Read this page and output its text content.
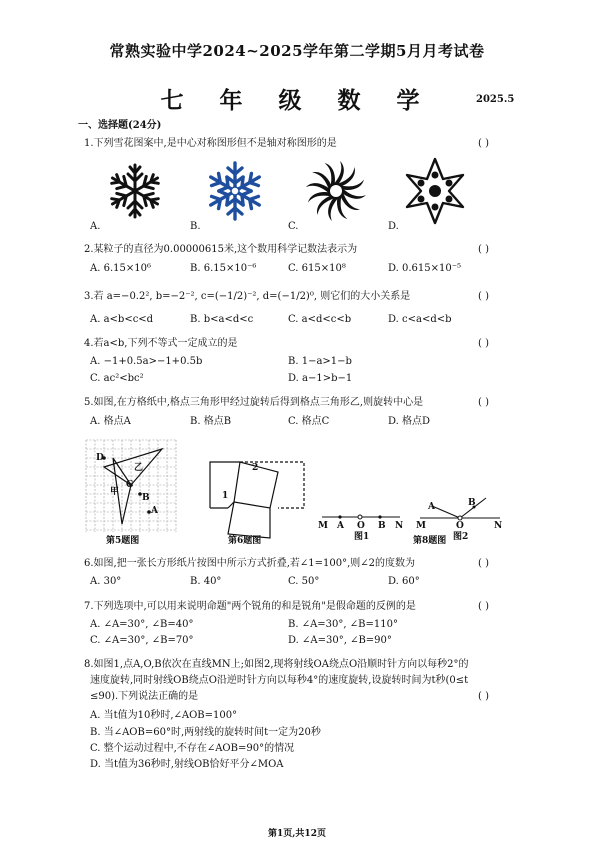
常熟实验中学2024~2025学年第二学期5月月考试卷
七 年 级 数 学	2025.5
一、选择题(24分)
1.下列雪花图案中,是中心对称图形但不是轴对称图形的是	( )
A.	B.	C.	D.
2.某粒子的直径为0.00000615米,这个数用科学记数法表示为	( )
A. 6.15×10⁶	B. 6.15×10⁻⁶	C. 615×10⁸	D. 0.615×10⁻⁵
3.若 a=−0.2², b=−2⁻², c=(−1/2)⁻², d=(−1/2)⁰, 则它们的大小关系是	( )
A. a<b<c<d	B. b<a<d<c	C. a<d<c<b	D. c<a<d<b
4.若a<b,下列不等式一定成立的是	( )
A. −1+0.5a>−1+0.5b	B. 1−a>1−b
C. ac²<bc²	D. a−1>b−1
5.如图,在方格纸中,格点三角形甲经过旋转后得到格点三角形乙,则旋转中心是	( )
A. 格点A	B. 格点B	C. 格点C	D. 格点D
D
乙
C
甲
B
A
第5题图
2
1
第6题图
M A O B N
图1
M
A
O
B
N
图2
第8题图
6.如图,把一张长方形纸片按图中所示方式折叠,若∠1=100°,则∠2的度数为	( )
A. 30°	B. 40°	C. 50°	D. 60°
7.下列选项中,可以用来说明命题"两个锐角的和是锐角"是假命题的反例的是	( )
A. ∠A=30°, ∠B=40°	B. ∠A=30°, ∠B=110°
C. ∠A=30°, ∠B=70°	D. ∠A=30°, ∠B=90°
8.如图1,点A,O,B依次在直线MN上;如图2,现将射线OA绕点O沿顺时针方向以每秒2°的
速度旋转,同时射线OB绕点O沿逆时针方向以每秒4°的速度旋转,设旋转时间为t秒(0≤t
≤90).下列说法正确的是	( )
A. 当t值为10秒时,∠AOB=100°
B. 当∠AOB=60°时,两射线的旋转时间t一定为20秒
C. 整个运动过程中,不存在∠AOB=90°的情况
D. 当t值为36秒时,射线OB恰好平分∠MOA
第1页,共12页
